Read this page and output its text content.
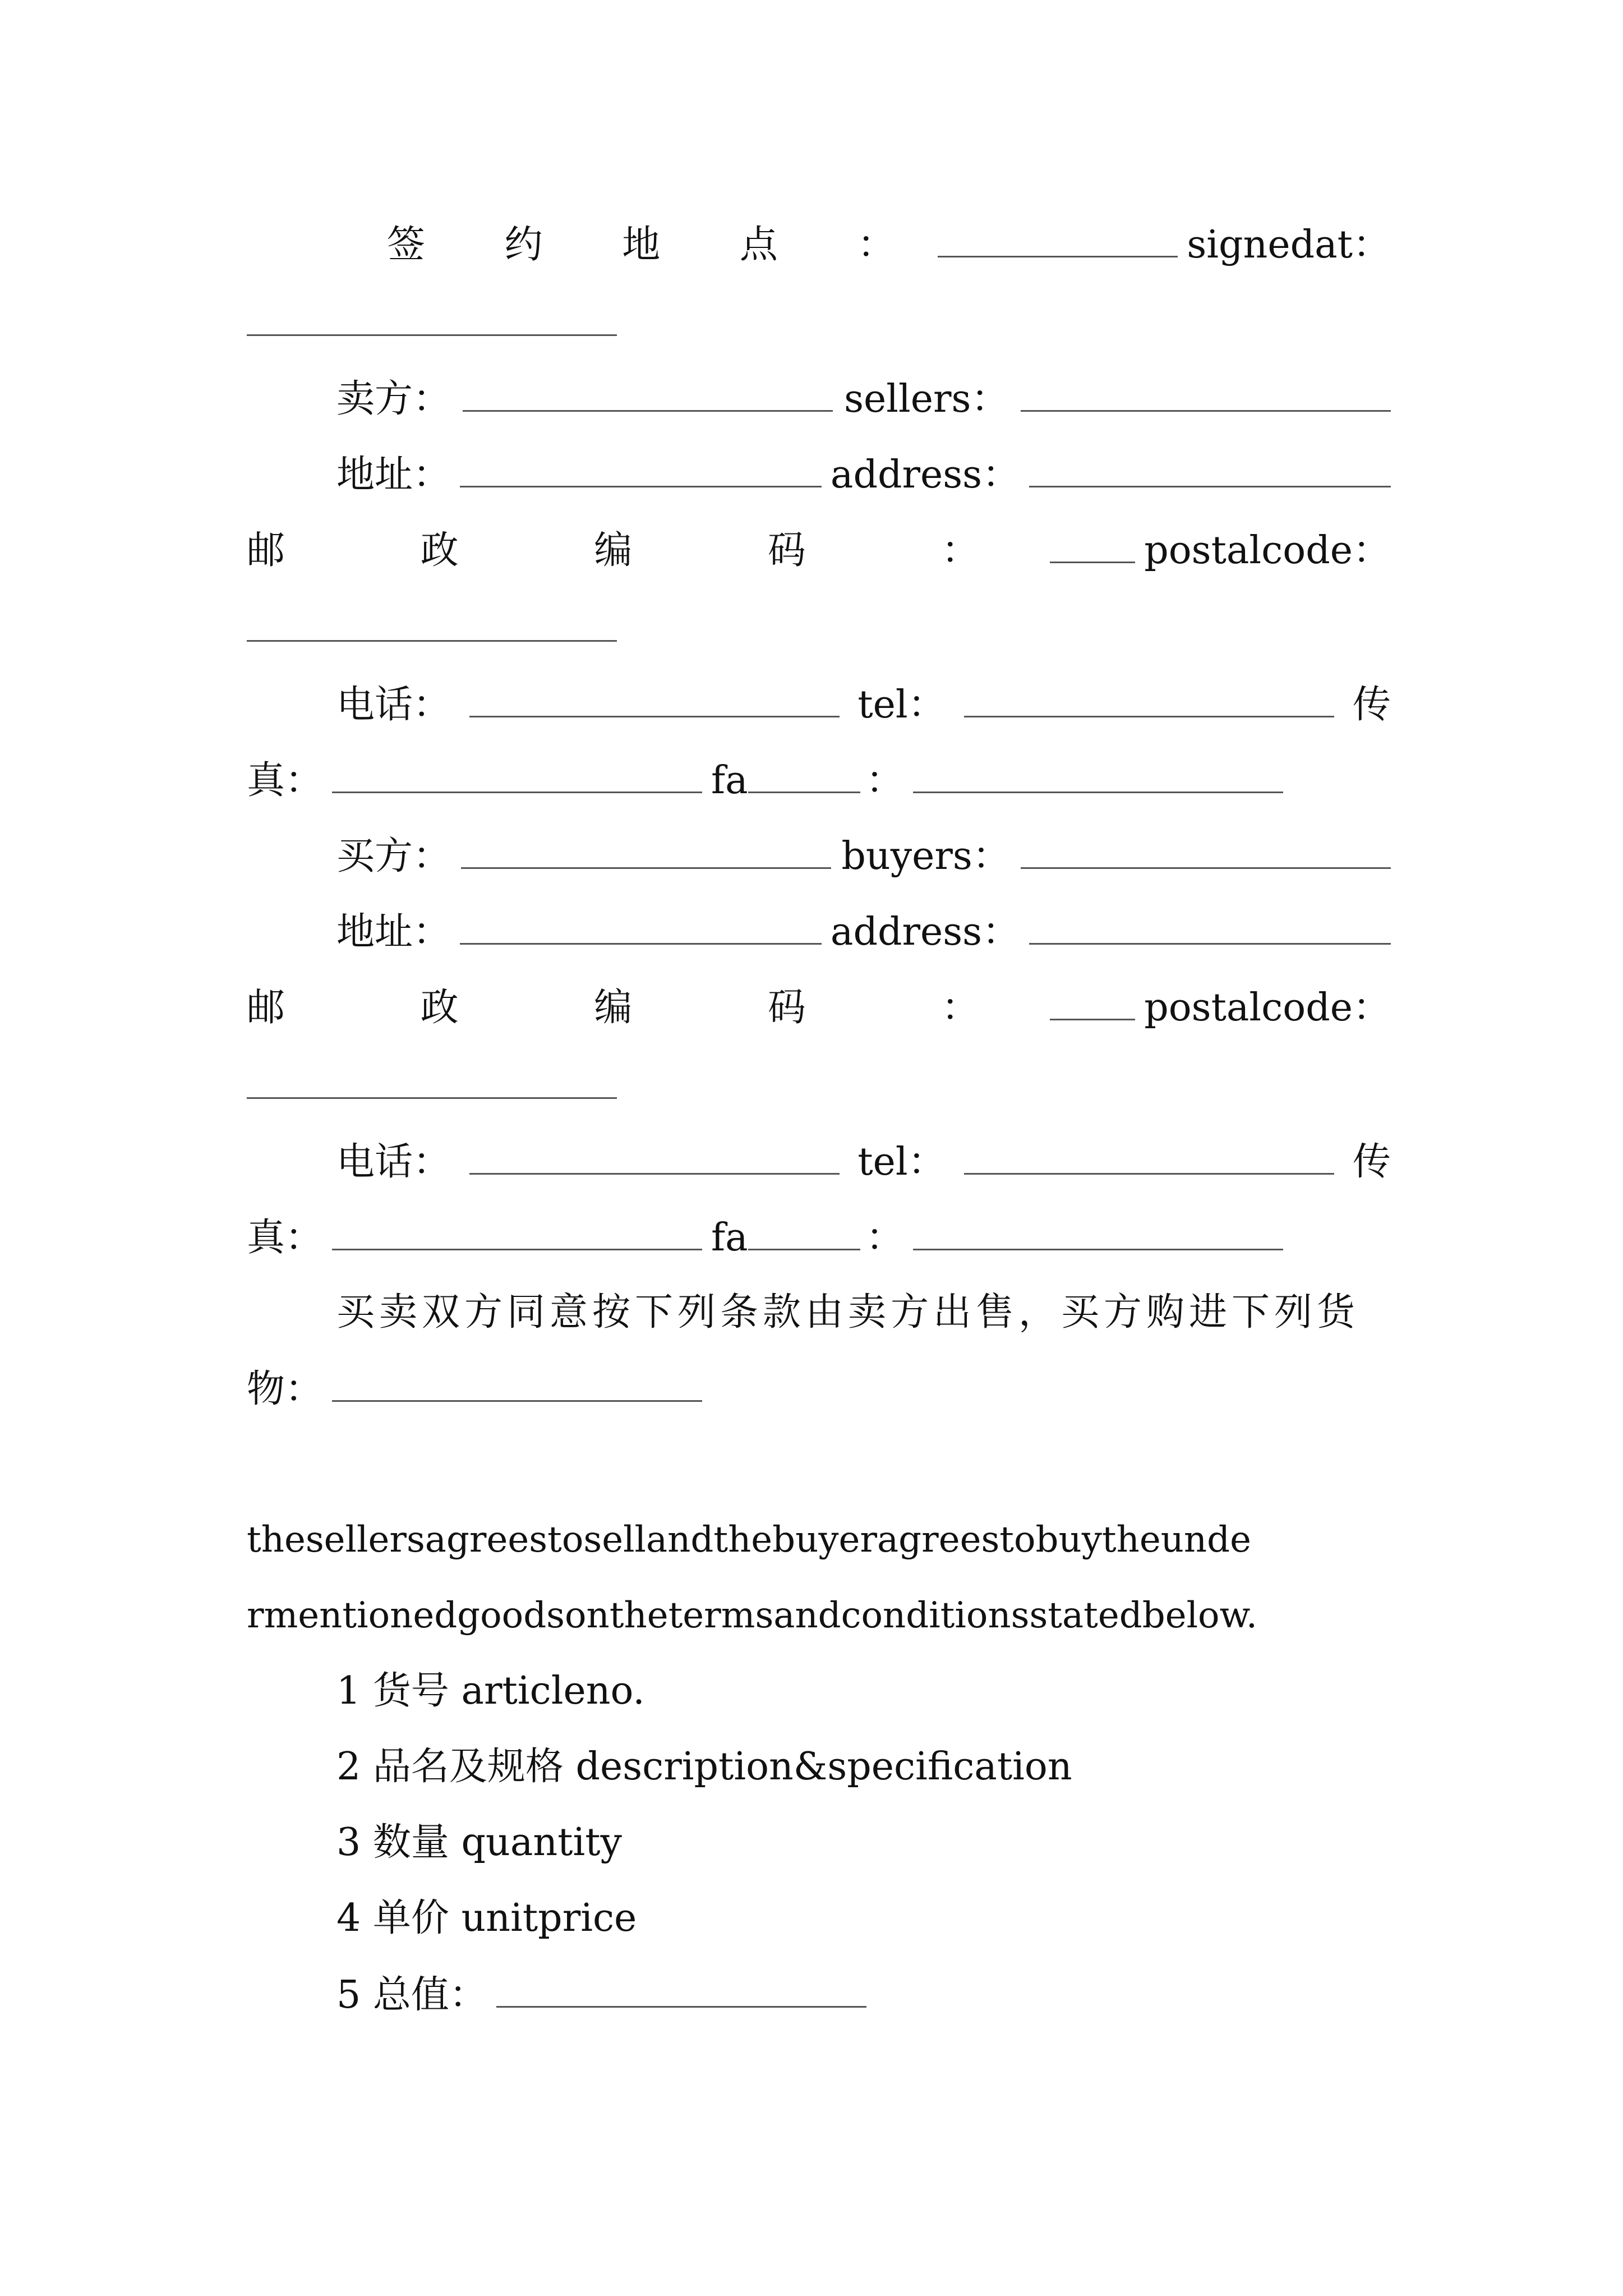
签 约 地 点 ：	signedat ：
卖方：	sellers：
地址：	address：
邮 政 编 码 ：	postalcode ：
电话：	tel：	传
真：	fa	：
买方：	buyers：
地址：	address：
邮 政 编 码 ：	postalcode ：
电话：	tel：	传
真：	fa	：
买卖双方同意按下列条款由卖方出售，买方购进下列货
物：
thesellersagreestosellandthebuyeragreestobuytheunde
rmentionedgoodsonthetermsandconditionsstatedbelow.
1 货号 articleno.
2 品名及规格 description&specification
3 数量 quantity
4 单价 unitprice
5 总值：
